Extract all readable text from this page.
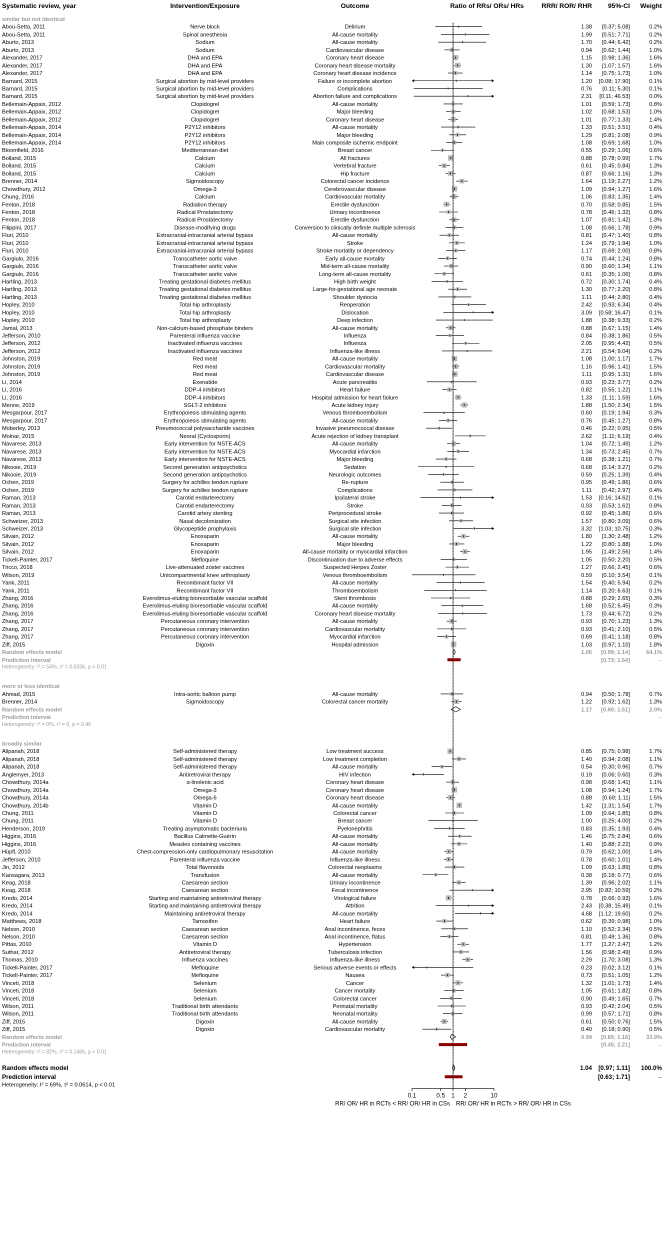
Systematic review, year	Intervention/Exposure	Outcome	Ratio of RRs/ ORs/ HRs	RRR/ ROR/ RHR 95%-CI Weight
similar but not identical
Abou-Setta, 2011	Nerve block	Delirium	1.38 [0.37; 5.08]	0.2%
Abou-Setta, 2011	Spinal anesthesia	All-cause mortality	1.99 [0.51; 7.71]	0.2%
Aburto, 2013	Sodium	All-cause mortality	1.70 [0.44; 6.42]	0.2%
Aburto, 2013	Sodium	Cardiovascular disease	0.94 [0.62; 1.44]	1.0%
Alexander, 2017	DHA and EPA	Coronary heart disease	1.15 [0.98; 1.36]	1.6%
Alexander, 2017	DHA and EPA	Coronary heart disease mortality	1.30 [1.07; 1.57]	1.6%
Alexander, 2017	DHA and EPA	Coronary heart disease incidence	1.14 [0.75; 1.73]	1.0%
Barnard, 2015	Surgical abortion by mid-level providers	Failure or incomplete abortion	1.20 [0.08; 17.90]	0.1%
Barnard, 2015	Surgical abortion by mid-level providers	Complications	0.76 [0.11; 5.30]	0.1%
Barnard, 2015	Surgical abortion by mid-level providers	Abortion failure and complications	2.31 [0.11; 46.53]	0.0%
Bellemain-Appaix, 2012	Clopidogrel	All-cause mortality	1.01 [0.59; 1.73]	0.8%
Bellemain-Appaix, 2012	Clopidogrel	Major bleeding	1.02 [0.68; 1.53]	1.0%
Bellemain-Appaix, 2012	Clopidogrel	Coronary heart disease	1.01 [0.77; 1.33]	1.4%
Bellemain-Appaix, 2014	P2Y12 inhibitors	All-cause mortality	1.33 [0.51; 3.51]	0.4%
Bellemain-Appaix, 2014	P2Y12 inhibitors	Major bleeding	1.29 [0.81; 2.08]	0.9%
Bellemain-Appaix, 2014	P2Y12 inhibitors	Main composite ischemic endpoint	1.08 [0.69; 1.68]	1.0%
Bloomfield, 2016	Mediterranean diet	Breast cancer	0.55 [0.29; 1.06]	0.6%
Bolland, 2015	Calcium	All fractures	0.88 [0.78; 0.99]	1.7%
Bolland, 2015	Calcium	Vertebral fracture	0.61 [0.45; 0.84]	1.3%
Bolland, 2015	Calcium	Hip fracture	0.87 [0.66; 1.16]	1.3%
Brenner, 2014	Sigmoidoscopy	Colorectal cancer incidence	1.64 [1.19; 2.27]	1.2%
Chowdhury, 2012	Omega-3	Cerebrovascular disease	1.09 [0.94; 1.27]	1.6%
Chung, 2016	Calcium	Cardiovascular mortality	1.06 [0.83; 1.35]	1.4%
Fenton, 2018	Radiation therapy	Erectile dysfunction	0.70 [0.58; 0.85]	1.5%
Fenton, 2018	Radical Prostatectomy	Urinary incontinence	0.78 [0.46; 1.32]	0.8%
Fenton, 2018	Radical Prostatectomy	Erectile dysfunction	1.07 [0.81; 1.42]	1.3%
Filippini, 2017	Disease-modifying drugs	Conversion to clinically definite multiple sclerosis	1.08 [0.66; 1.78]	0.9%
Fluri, 2010	Extracranial-intracranial arterial bypass	All-cause mortality	0.81 [0.47; 1.40]	0.8%
Fluri, 2010	Extracranial-intracranial arterial bypass	Stroke	1.24 [0.79; 1.94]	1.0%
Fluri, 2010	Extracranial-intracranial arterial bypass	Stroke mortality or dependency	1.17 [0.69; 2.00]	0.8%
Gargiulo, 2016	Transcatheter aortic valve	Early all-cause mortality	0.74 [0.44; 1.24]	0.8%
Gargiulo, 2016	Transcatheter aortic valve	Mid-term all-cause mortality	0.90 [0.60; 1.34]	1.1%
Gargiulo, 2016	Transcatheter aortic valve	Long-term all-cause mortality	0.61 [0.35; 1.06]	0.8%
Hartling, 2013	Treating gestational diabetes mellitus	High birth weight	0.72 [0.30; 1.74]	0.4%
Hartling, 2013	Treating gestational diabetes mellitus	Large-for-gestational age neonate	1.30 [0.77; 2.20]	0.8%
Hartling, 2013	Treating gestational diabetes mellitus	Shoulder dystocia	1.11 [0.44; 2.80]	0.4%
Hopley, 2010	Total hip arthroplasty	Reoperation	2.42 [0.93; 6.34]	0.4%
Hopley, 2010	Total hip arthroplasty	Dislocation	3.09 [0.58; 16.47]	0.1%
Hopley, 2010	Total hip arthroplasty	Deep infection	1.88 [0.38; 9.33]	0.2%
Jamal, 2013	Non-calcium-based phosphate binders	All-cause mortality	0.88 [0.67; 1.15]	1.4%
Jefferson, 2010	Parenteral influenza vaccine	Influenza	0.84 [0.38; 1.86]	0.5%
Jefferson, 2012	Inactivated influenza vaccines	Influenza	2.05 [0.95; 4.42]	0.5%
Jefferson, 2012	Inactivated influenza vaccines	Influenza-like illness	2.21 [0.54; 9.04]	0.2%
Johnston, 2019	Red meat	All-cause mortality	1.08 [1.00; 1.17]	1.7%
Johnston, 2019	Red meat	Cardiovascular mortality	1.16 [0.96; 1.41]	1.5%
Johnston, 2019	Red meat	Cardiovascular disease	1.11 [0.95; 1.31]	1.6%
Li, 2014	Exenatide	Acute pancreatitis	0.93 [0.23; 3.77]	0.2%
Li, 2016	DDP-4 inhibitors	Heart failure	0.82 [0.55; 1.22]	1.1%
Li, 2016	DDP-4 inhibitors	Hospital admission for heart failure	1.33 [1.11; 1.59]	1.6%
Menne, 2019	SGLT-2 inhibitors	Acute kidney injury	1.88 [1.50; 2.34]	1.5%
Mesgarpour, 2017	Erythropoiesis stimulating agents	Venous thromboembolism	0.60 [0.19; 1.94]	0.3%
Mesgarpour, 2017	Erythropoiesis stimulating agents	All-cause mortality	0.76 [0.45; 1.27]	0.8%
Moberley, 2013	Pneumococcal polysaccharide vaccines	Invasive pneumococcal disease	0.46 [0.22; 0.95]	0.5%
Molnar, 2015	Neoral (Cyclosporin)	Acute rejection of kidney transplant	2.62 [1.11; 6.19]	0.4%
Navarese, 2013	Early intervention for NSTE-ACS	All-cause mortality	1.04 [0.72; 1.49]	1.2%
Navarese, 2013	Early intervention for NSTE-ACS	Myocardial infarction	1.34 [0.73; 2.45]	0.7%
Navarese, 2013	Early intervention for NSTE-ACS	Major bleeding	0.68 [0.38; 1.21]	0.7%
Nikooie, 2019	Second generation antipsychotics	Sedation	0.68 [0.14; 3.27]	0.2%
Nikooie, 2019	Second generation antipsychotics	Neurologic outcomes	0.59 [0.25; 1.39]	0.4%
Ochen, 2019	Surgery for achilles tendon rupture	Re-rupture	0.95 [0.49; 1.86]	0.6%
Ochen, 2019	Surgery for achilles tendon rupture	Complications	1.11 [0.42; 2.97]	0.4%
Raman, 2013	Carotid endarterectomy	Ipsilateral stroke	1.53 [0.16; 14.62]	0.1%
Raman, 2013	Carotid endarterectomy	Stroke	0.93 [0.53; 1.62]	0.8%
Raman, 2013	Carotid artery stenting	Periprocedural stroke	0.92 [0.45; 1.86]	0.6%
Schweizer, 2013	Nasal decolonization	Surgical site infection	1.57 [0.80; 3.09]	0.6%
Schweizer, 2013	Glycopeptide prophylaxis	Surgical site infection	3.32 [1.03; 10.75]	0.3%
Silvain, 2012	Enoxaparin	All-cause mortality	1.80 [1.30; 2.48]	1.2%
Silvain, 2012	Enoxaparin	Major bleeding	1.22 [0.80; 1.88]	1.0%
Silvain, 2012	Enoxaparin	All-cause mortality or myocardial infarction	1.95 [1.49; 2.56]	1.4%
Tickell-Painter, 2017	Mefloquine	Discontinuation due to adverse effects	1.05 [0.50; 2.20]	0.5%
Tricco, 2018	Live-attenuated zoster vaccines	Suspected Herpes Zoster	1.27 [0.66; 2.45]	0.6%
Wilson, 2019	Unicompartmental knee arthroplasty	Venous thromboembolism	0.59 [0.10; 3.54]	0.1%
Yank, 2011	Recombinant factor VII	All-cause mortality	1.54 [0.40; 5.94]	0.2%
Yank, 2011	Recombinant factor VII	Thromboembolism	1.14 [0.20; 6.63]	0.1%
Zhang, 2016	Everolimus-eluting bioresorbable vascular scaffold	Stent thrombosis	0.88 [0.29; 2.65]	0.3%
Zhang, 2016	Everolimus-eluting bioresorbable vascular scaffold	All-cause mortality	1.68 [0.52; 5.45]	0.3%
Zhang, 2016	Everolimus-eluting bioresorbable vascular scaffold	Coronary heart disease mortality	1.73 [0.44; 6.72]	0.2%
Zhang, 2017	Percutaneous coronary intervention	All-cause mortality	0.93 [0.70; 1.23]	1.3%
Zhang, 2017	Percutaneous coronary intervention	Cardiovascular mortality	0.93 [0.41; 2.10]	0.5%
Zhang, 2017	Percutaneous coronary intervention	Myocardial infarction	0.69 [0.41; 1.18]	0.8%
Ziff, 2015	Digoxin	Hospital admission	1.03 [0.97; 1.10]	1.8%
Random effects model	1.06 [0.99; 1.14]	64.1%
Prediction interval	[0.73; 1.54]	--
Heterogeneity: I² = 54%, τ² = 0.0336, p < 0.01
more or less identical
Ahmad, 2015	Intra-aortic balloon pump	All-cause mortality	0.94 [0.50; 1.78]	0.7%
Brenner, 2014	Sigmoidoscopy	Colorectal cancer mortality	1.22 [0.92; 1.62]	1.3%
Random effects model	1.17 [0.90; 1.51]	2.0%
Prediction interval	--
Heterogeneity: I² = 0%, τ² = 0, p = 0.46
broadly similar
Alipanah, 2018	Self-administered therapy	Low treatment success	0.85 [0.75; 0.98]	1.7%
Alipanah, 2018	Self-administered therapy	Low treatment completion	1.40 [0.94; 2.08]	1.1%
Alipanah, 2018	Self-administered therapy	All-cause mortality	0.54 [0.30; 0.96]	0.7%
Anglemyer, 2013	Antiretroviral therapy	HIV infection	0.19 [0.06; 0.60]	0.3%
Chowdhury, 2014a	α-linolenic acid	Coronary heart disease	0.98 [0.68; 1.41]	1.1%
Chowdhury, 2014a	Omega-3	Coronary heart disease	1.08 [0.94; 1.24]	1.7%
Chowdhury, 2014a	Omega-6	Coronary heart disease	0.88 [0.69; 1.11]	1.5%
Chowdhury, 2014b	Vitamin D	All-cause mortality	1.42 [1.31; 1.54]	1.7%
Chung, 2011	Vitamin D	Colorectal cancer	1.09 [0.64; 1.85]	0.8%
Chung, 2011	Vitamin D	Breast cancer	1.00 [0.25; 4.00]	0.2%
Henderson, 2019	Treating asymptomatic bacteriuria	Pyelonephritis	0.83 [0.35; 1.93]	0.4%
Higgins, 2016	Bacillus Calmette-Guérin	All-cause mortality	1.46 [0.75; 2.84]	0.6%
Higgins, 2016	Measles containing vaccines	All-cause mortality	1.40 [0.88; 2.22]	0.9%
Hüpfl, 2010	Chest-compression-only cardiopulmonary resuscitation	All-cause mortality	0.79 [0.62; 1.00]	1.4%
Jefferson, 2010	Parenteral influenza vaccine	Influenza-like illness	0.78 [0.60; 1.01]	1.4%
Jin, 2012	Total flavonoids	Colorectal neoplasms	1.09 [0.63; 1.89]	0.8%
Kansagara, 2013	Transfusion	All-cause mortality	0.38 [0.18; 0.77]	0.6%
Keag, 2018	Caesarean section	Urinary incontinence	1.39 [0.96; 2.02]	1.1%
Keag, 2018	Caesarean section	Fecal incontinence	2.95 [0.82; 10.59]	0.2%
Kredo, 2014	Starting and maintaining antiretroviral therapy	Virological failure	0.78 [0.66; 0.93]	1.6%
Kredo, 2014	Starting and maintaining antiretroviral therapy	Attrition	2.43 [0.38; 15.49]	0.1%
Kredo, 2014	Maintaining antiretroviral therapy	All-cause mortality	4.68 [1.12; 19.60]	0.2%
Matthews, 2018	Tamoxifen	Heart failure	0.62 [0.39; 0.98]	1.0%
Nelson, 2010	Caesarean section	Anal incontinence, feces	1.10 [0.52; 2.34]	0.5%
Nelson, 2010	Caesarean section	Anal incontinence, flatus	0.81 [0.49; 1.36]	0.8%
Pittas, 2010	Vitamin D	Hypertension	1.77 [1.27; 2.47]	1.2%
Suthar, 2012	Antiretroviral therapy	Tuberculosis infection	1.56 [0.98; 2.49]	0.9%
Thomas, 2010	Influenza vaccines	Influenza-like illness	2.29 [1.70; 3.08]	1.3%
Tickell-Painter, 2017	Mefloquine	Serious adverse events or effects	0.23 [0.02; 3.12]	0.1%
Tickell-Painter, 2017	Mefloquine	Nausea	0.73 [0.51; 1.05]	1.2%
Vinceti, 2018	Selenium	Cancer	1.32 [1.01; 1.73]	1.4%
Vinceti, 2018	Selenium	Cancer mortality	1.05 [0.61; 1.82]	0.8%
Vinceti, 2018	Selenium	Colorectal cancer	0.90 [0.49; 1.65]	0.7%
Wilson, 2011	Traditional birth attendants	Perinatal mortality	0.93 [0.42; 2.04]	0.5%
Wilson, 2011	Traditional birth attendants	Neonatal mortality	0.99 [0.57; 1.71]	0.8%
Ziff, 2015	Digoxin	All-cause mortality	0.61 [0.50; 0.76]	1.5%
Ziff, 2015	Digoxin	Cardiovascular mortality	0.40 [0.18; 0.90]	0.5%
Random effects model	0.99 [0.85; 1.16]	33.9%
Prediction interval	[0.45; 2.21]	--
Heterogeneity: I² = 82%, τ² = 0.1486, p < 0.01
Random effects model	1.04 [0.97; 1.11] 100.0%
Prediction interval	[0.63; 1.71]	--
Heterogeneity: I² = 69%, τ² = 0.0614, p < 0.01
0.1	0.5 1 2	10
RR/ OR/ HR in RCTs < RR/ OR/ HR in CSs RR/ OR/ HR in RCTs > RR/ OR/ HR in CSs
